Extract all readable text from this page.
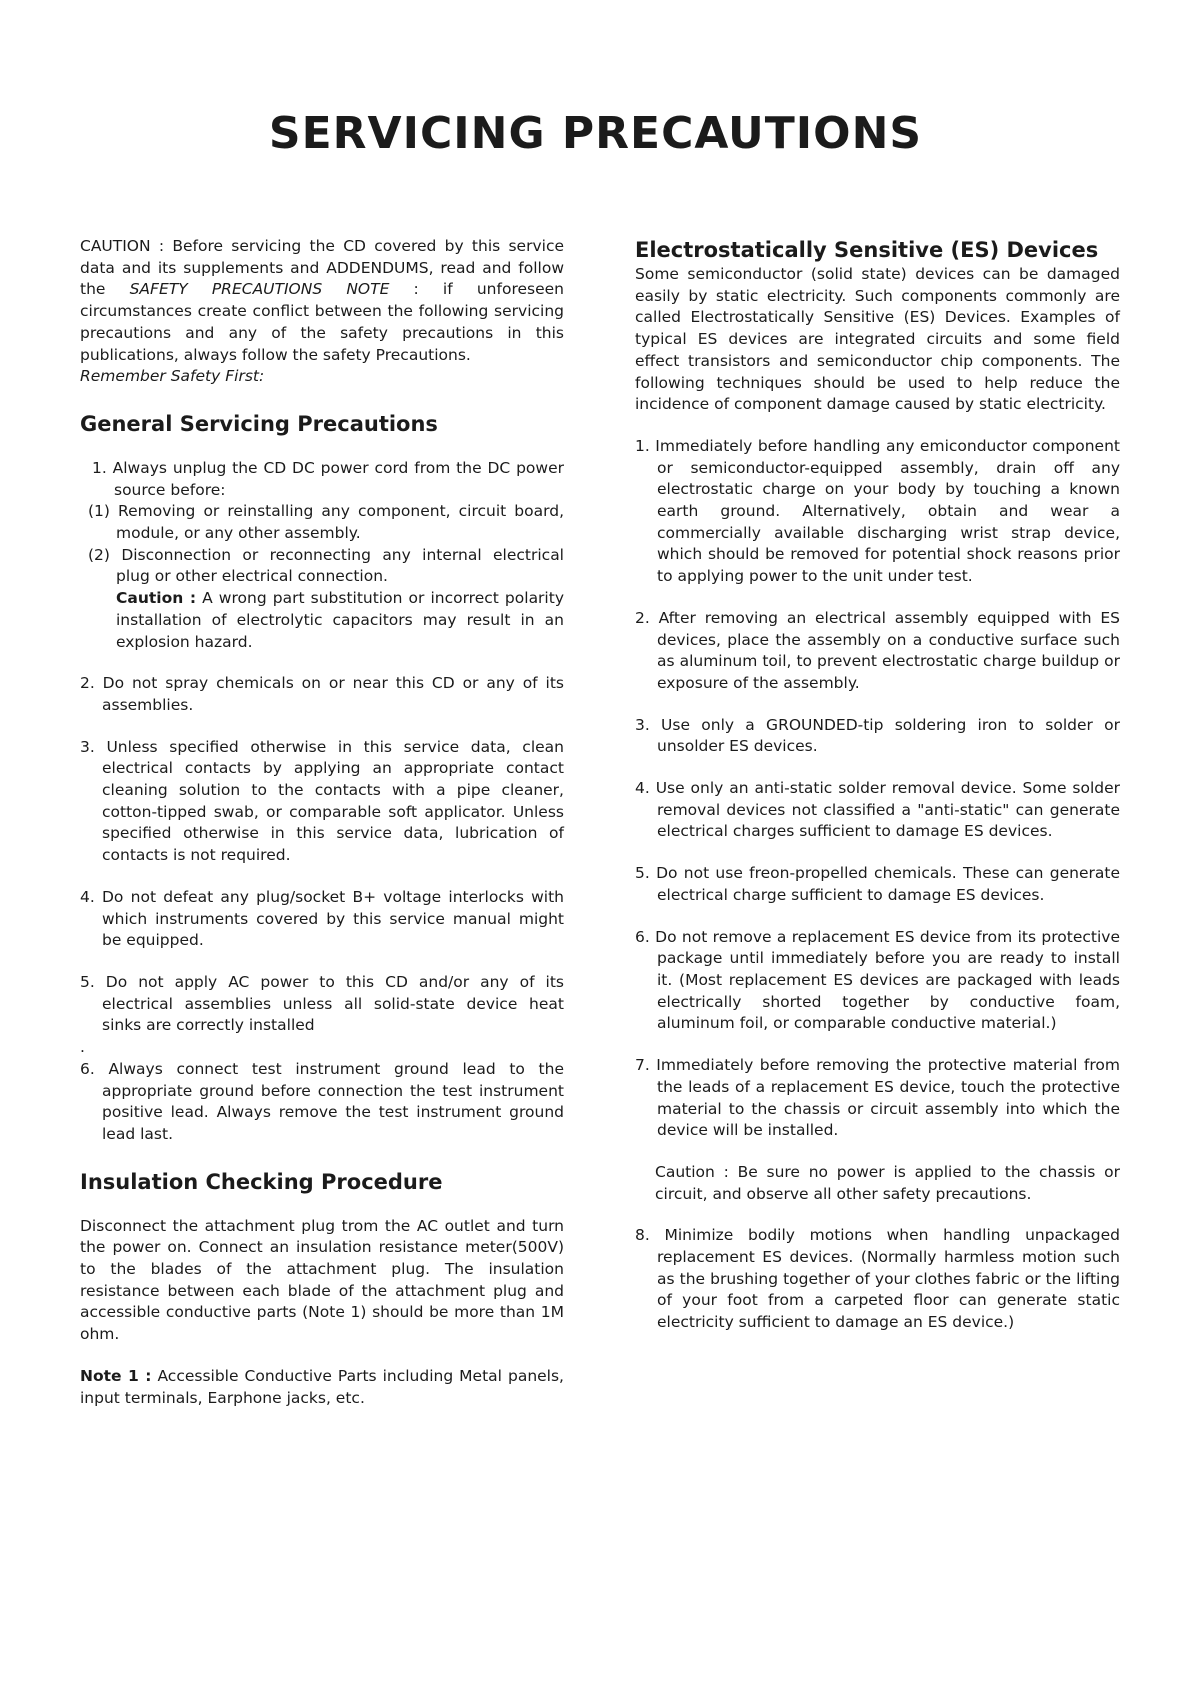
SERVICING PRECAUTIONS

CAUTION : Before servicing the CD covered by this service data and its supplements and ADDENDUMS, read and follow the SAFETY PRECAUTIONS NOTE : if unforeseen circumstances create conflict between the following servicing precautions and any of the safety precautions in this publications, always follow the safety Precautions.

Remember Safety First:

General Servicing Precautions

1. Always unplug the CD DC power cord from the DC power source before:

(1) Removing or reinstalling any component, circuit board, module, or any other assembly.

(2) Disconnection or reconnecting any internal electrical plug or other electrical connection.

Caution : A wrong part substitution or incorrect polarity installation of electrolytic capacitors may result in an explosion hazard.

2. Do not spray chemicals on or near this CD or any of its assemblies.

3. Unless specified otherwise in this service data, clean electrical contacts by applying an appropriate contact cleaning solution to the contacts with a pipe cleaner, cotton-tipped swab, or comparable soft applicator. Unless specified otherwise in this service data, lubrication of contacts is not required.

4. Do not defeat any plug/socket B+ voltage interlocks with which instruments covered by this service manual might be equipped.

5. Do not apply AC power to this CD and/or any of its electrical assemblies unless all solid-state device heat sinks are correctly installed

.

6. Always connect test instrument ground lead to the appropriate ground before connection the test instrument positive lead. Always remove the test instrument ground lead last.

Insulation Checking Procedure

Disconnect the attachment plug trom the AC outlet and turn the power on. Connect an insulation resistance meter(500V) to the blades of the attachment plug. The insulation resistance between each blade of the attachment plug and accessible conductive parts (Note 1) should be more than 1M ohm.

Note 1 : Accessible Conductive Parts including Metal panels, input terminals, Earphone jacks, etc.

Electrostatically Sensitive (ES) Devices

Some semiconductor (solid state) devices can be damaged easily by static electricity. Such components commonly are called Electrostatically Sensitive (ES) Devices. Examples of typical ES devices are integrated circuits and some field effect transistors and semiconductor chip components. The following techniques should be used to help reduce the incidence of component damage caused by static electricity.

1. Immediately before handling any emiconductor component or semiconductor-equipped assembly, drain off any electrostatic charge on your body by touching a known earth ground. Alternatively, obtain and wear a commercially available discharging wrist strap device, which should be removed for potential shock reasons prior to applying power to the unit under test.

2. After removing an electrical assembly equipped with ES devices, place the assembly on a conductive surface such as aluminum toil, to prevent electrostatic charge buildup or exposure of the assembly.

3. Use only a GROUNDED-tip soldering iron to solder or unsolder ES devices.

4. Use only an anti-static solder removal device. Some solder removal devices not classified a "anti-static" can generate electrical charges sufficient to damage ES devices.

5. Do not use freon-propelled chemicals. These can generate electrical charge sufficient to damage ES devices.

6. Do not remove a replacement ES device from its protective package until immediately before you are ready to install it. (Most replacement ES devices are packaged with leads electrically shorted together by conductive foam, aluminum foil, or comparable conductive material.)

7. Immediately before removing the protective material from the leads of a replacement ES device, touch the protective material to the chassis or circuit assembly into which the device will be installed.

Caution : Be sure no power is applied to the chassis or circuit, and observe all other safety precautions.

8. Minimize bodily motions when handling unpackaged replacement ES devices. (Normally harmless motion such as the brushing together of your clothes fabric or the lifting of your foot from a carpeted floor can generate static electricity sufficient to damage an ES device.)
